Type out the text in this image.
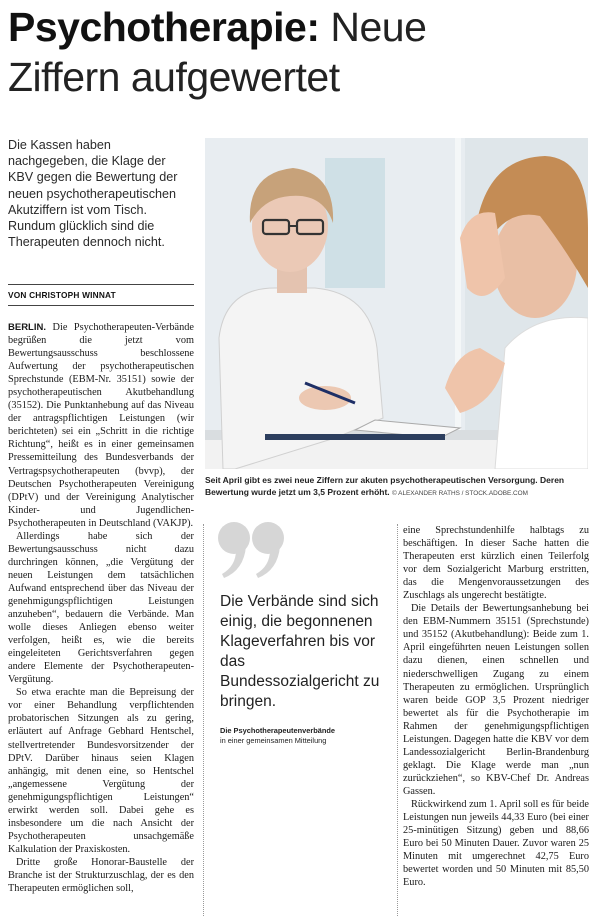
Psychotherapie: Neue
Ziffern aufgewertet
Die Kassen haben nachgegeben, die Klage der KBV gegen die Bewertung der neuen psychotherapeutischen Akutziffern ist vom Tisch. Rundum glücklich sind die Therapeuten dennoch nicht.
VON CHRISTOPH WINNAT

BERLIN. Die Psychotherapeuten-Verbände begrüßen die jetzt vom Bewertungsausschuss beschlossene Aufwertung der psychotherapeutischen Sprechstunde (EBM-Nr. 35151) sowie der psychotherapeutischen Akutbehandlung (35152). Die Punktanhebung auf das Niveau der antragspflichtigen Leistungen (wir berichteten) sei ein „Schritt in die richtige Richtung“, heißt es in einer gemeinsamen Pressemitteilung des Bundesverbands der Vertragspsychotherapeuten (bvvp), der Deutschen Psychotherapeuten Vereinigung (DPtV) und der Vereinigung Analytischer Kinder- und Jugendlichen-Psychotherapeuten in Deutschland (VAKJP).

Allerdings habe sich der Bewertungsausschuss nicht dazu durchringen können, „die Vergütung der neuen Leistungen dem tatsächlichen Aufwand entsprechend über das Niveau der genehmigungspflichtigen Leistungen anzuheben“, bedauern die Verbände. Man wolle dieses Anliegen ebenso weiter verfolgen, heißt es, wie die bereits eingeleiteten Gerichtsverfahren gegen andere Elemente der Psychotherapeuten-Vergütung.

So etwa erachte man die Bepreisung der vor einer Behandlung verpflichtenden probatorischen Sitzungen als zu gering, erläutert auf Anfrage Gebhard Hentschel, stellvertretender Bundesvorsitzender der DPtV. Darüber hinaus seien Klagen anhängig, mit denen eine, so Hentschel „angemessene Vergütung der genehmigungspflichtigen Leistungen“ erwirkt werden soll. Dabei gehe es insbesondere um die nach Ansicht der Psychotherapeuten unsachgemäße Kalkulation der Praxiskosten.

Dritte große Honorar-Baustelle der Branche ist der Strukturzuschlag, der es den Therapeuten ermöglichen soll,

Seit April gibt es zwei neue Ziffern zur akuten psychotherapeutischen Versorgung. Deren Bewertung wurde jetzt um 3,5 Prozent erhöht. © ALEXANDER RATHS / STOCK.ADOBE.COM
Die Verbände sind sich einig, die begonnenen Klageverfahren bis vor das Bundessozialgericht zu bringen.
Die Psychotherapeutenverbände
in einer gemeinsamen Mitteilung

eine Sprechstundenhilfe halbtags zu beschäftigen. In dieser Sache hatten die Therapeuten erst kürzlich einen Teilerfolg vor dem Sozialgericht Marburg erstritten, das die Mengenvoraussetzungen des Zuschlags als ungerecht bestätigte.

Die Details der Bewertungsanhebung bei den EBM-Nummern 35151 (Sprechstunde) und 35152 (Akutbehandlung): Beide zum 1. April eingeführten neuen Leistungen sollen dazu dienen, einen schnellen und niederschwelligen Zugang zu einem Therapeuten zu ermöglichen. Ursprünglich waren beide GOP 3,5 Prozent niedriger bewertet als für die Psychotherapie im Rahmen der genehmigungspflichtigen Leistungen. Dagegen hatte die KBV vor dem Landessozialgericht Berlin-Brandenburg geklagt. Die Klage werde man „nun zurückziehen“, so KBV-Chef Dr. Andreas Gassen.

Rückwirkend zum 1. April soll es für beide Leistungen nun jeweils 44,33 Euro (bei einer 25-minütigen Sitzung) geben und 88,66 Euro bei 50 Minuten Dauer. Zuvor waren 25 Minuten mit umgerechnet 42,75 Euro bewertet worden und 50 Minuten mit 85,50 Euro.
